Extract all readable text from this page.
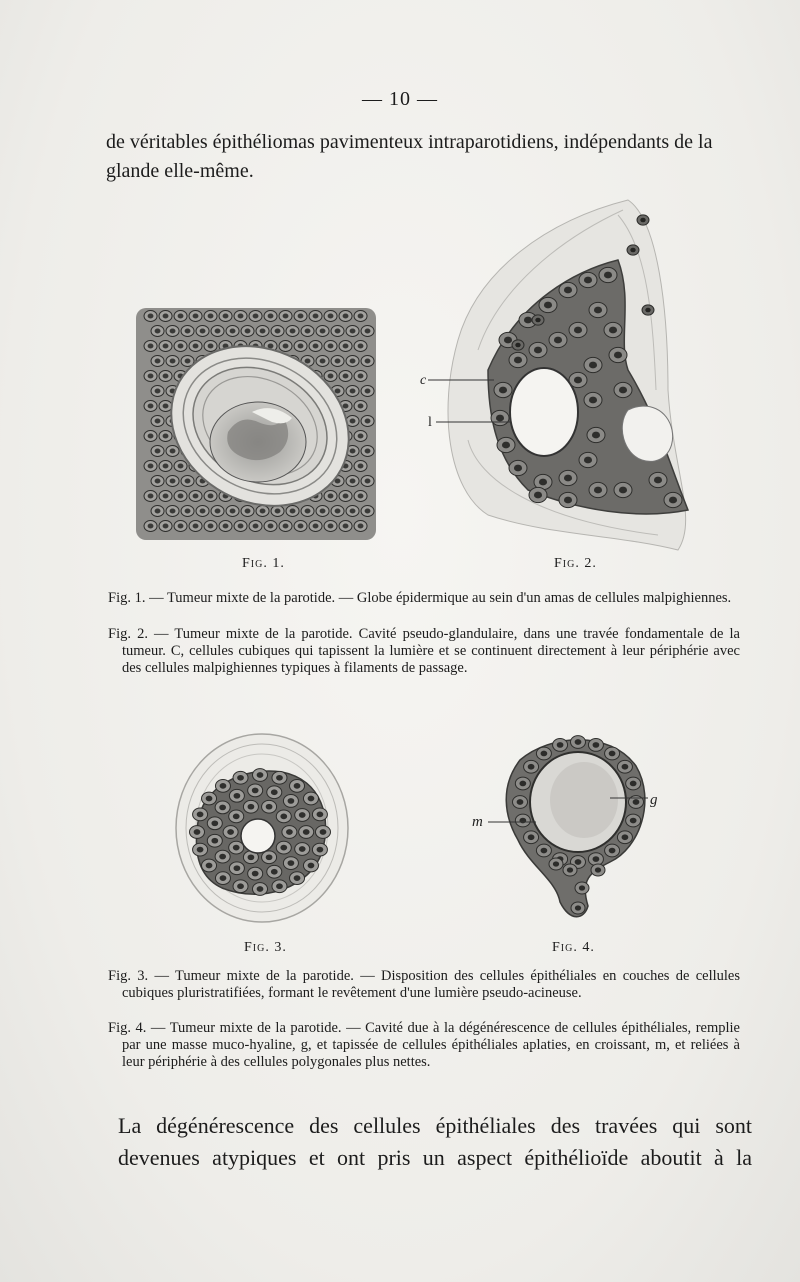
— 10 —
de véritables épithéliomas pavimenteux intraparotidiens, indépendants de la glande elle-même.
Fig. 1.
c
l
Fig. 2.
Fig. 1. — Tumeur mixte de la parotide. — Globe épidermique au sein d'un amas de cellules malpighiennes.
Fig. 2. — Tumeur mixte de la parotide. Cavité pseudo-glandulaire, dans une travée fondamentale de la tumeur. C, cellules cubiques qui tapissent la lumière et se continuent directement à leur périphérie avec des cellules malpighiennes typiques à filaments de passage.
Fig. 3.
g
m
Fig. 4.
Fig. 3. — Tumeur mixte de la parotide. — Disposition des cellules épithéliales en couches de cellules cubiques pluristratifiées, formant le revêtement d'une lumière pseudo-acineuse.
Fig. 4. — Tumeur mixte de la parotide. — Cavité due à la dégénérescence de cellules épithéliales, remplie par une masse muco-hyaline, g, et tapissée de cellules épithéliales aplaties, en croissant, m, et reliées à leur périphérie à des cellules polygonales plus nettes.
La dégénérescence des cellules épithéliales des travées qui sont
devenues atypiques et ont pris un aspect épithélioïde aboutit à la
